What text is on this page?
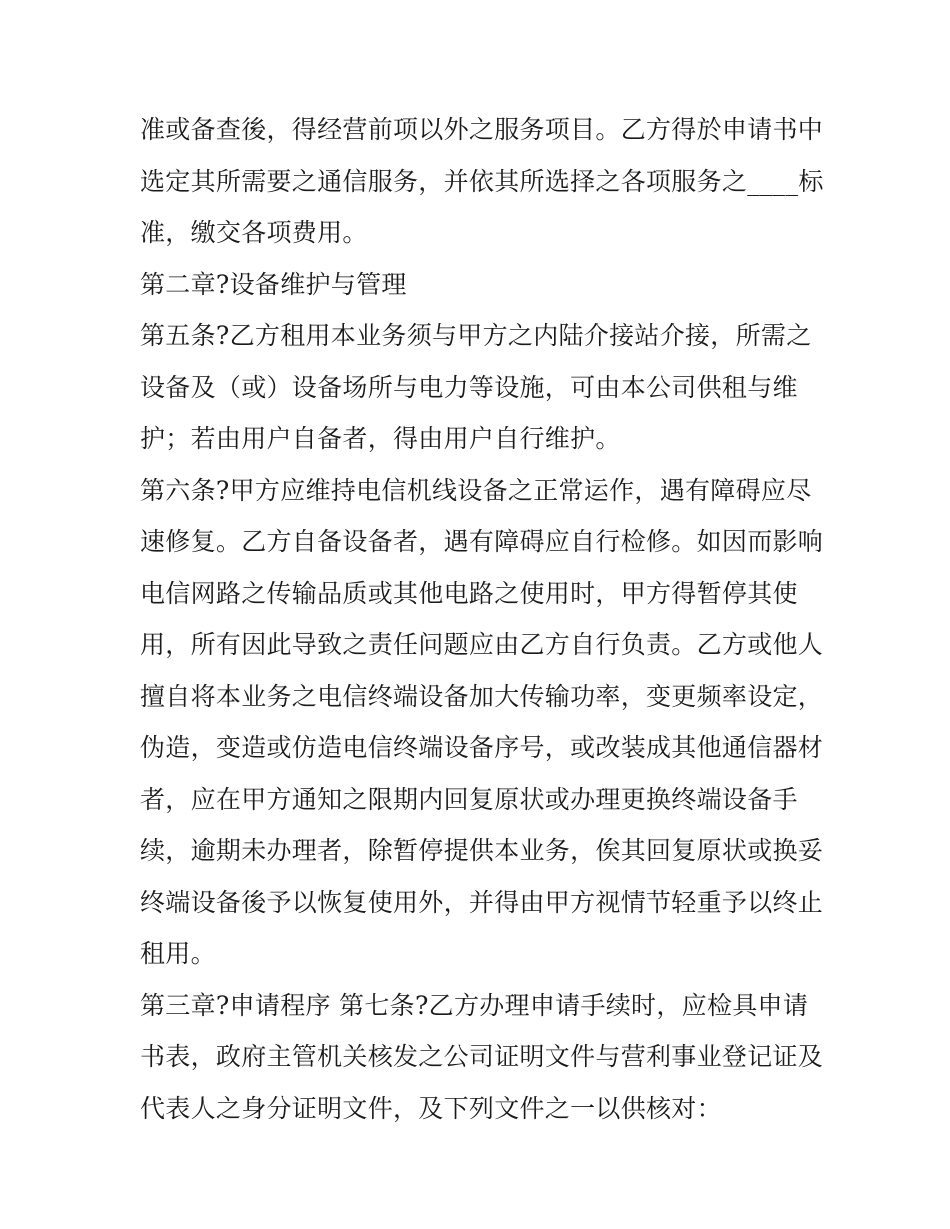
准或备查後，得经营前项以外之服务项目。乙方得於申请书中
选定其所需要之通信服务，并依其所选择之各项服务之____标
准，缴交各项费用。
第二章?设备维护与管理
第五条?乙方租用本业务须与甲方之内陆介接站介接，所需之
设备及（或）设备场所与电力等设施，可由本公司供租与维
护；若由用户自备者，得由用户自行维护。
第六条?甲方应维持电信机线设备之正常运作，遇有障碍应尽
速修复。乙方自备设备者，遇有障碍应自行检修。如因而影响
电信网路之传输品质或其他电路之使用时，甲方得暂停其使
用，所有因此导致之责任问题应由乙方自行负责。乙方或他人
擅自将本业务之电信终端设备加大传输功率，变更频率设定，
伪造，变造或仿造电信终端设备序号，或改装成其他通信器材
者，应在甲方通知之限期内回复原状或办理更换终端设备手
续，逾期未办理者，除暂停提供本业务，俟其回复原状或换妥
终端设备後予以恢复使用外，并得由甲方视情节轻重予以终止
租用。
第三章?申请程序 第七条?乙方办理申请手续时，应检具申请
书表，政府主管机关核发之公司证明文件与营利事业登记证及
代表人之身分证明文件，及下列文件之一以供核对：
